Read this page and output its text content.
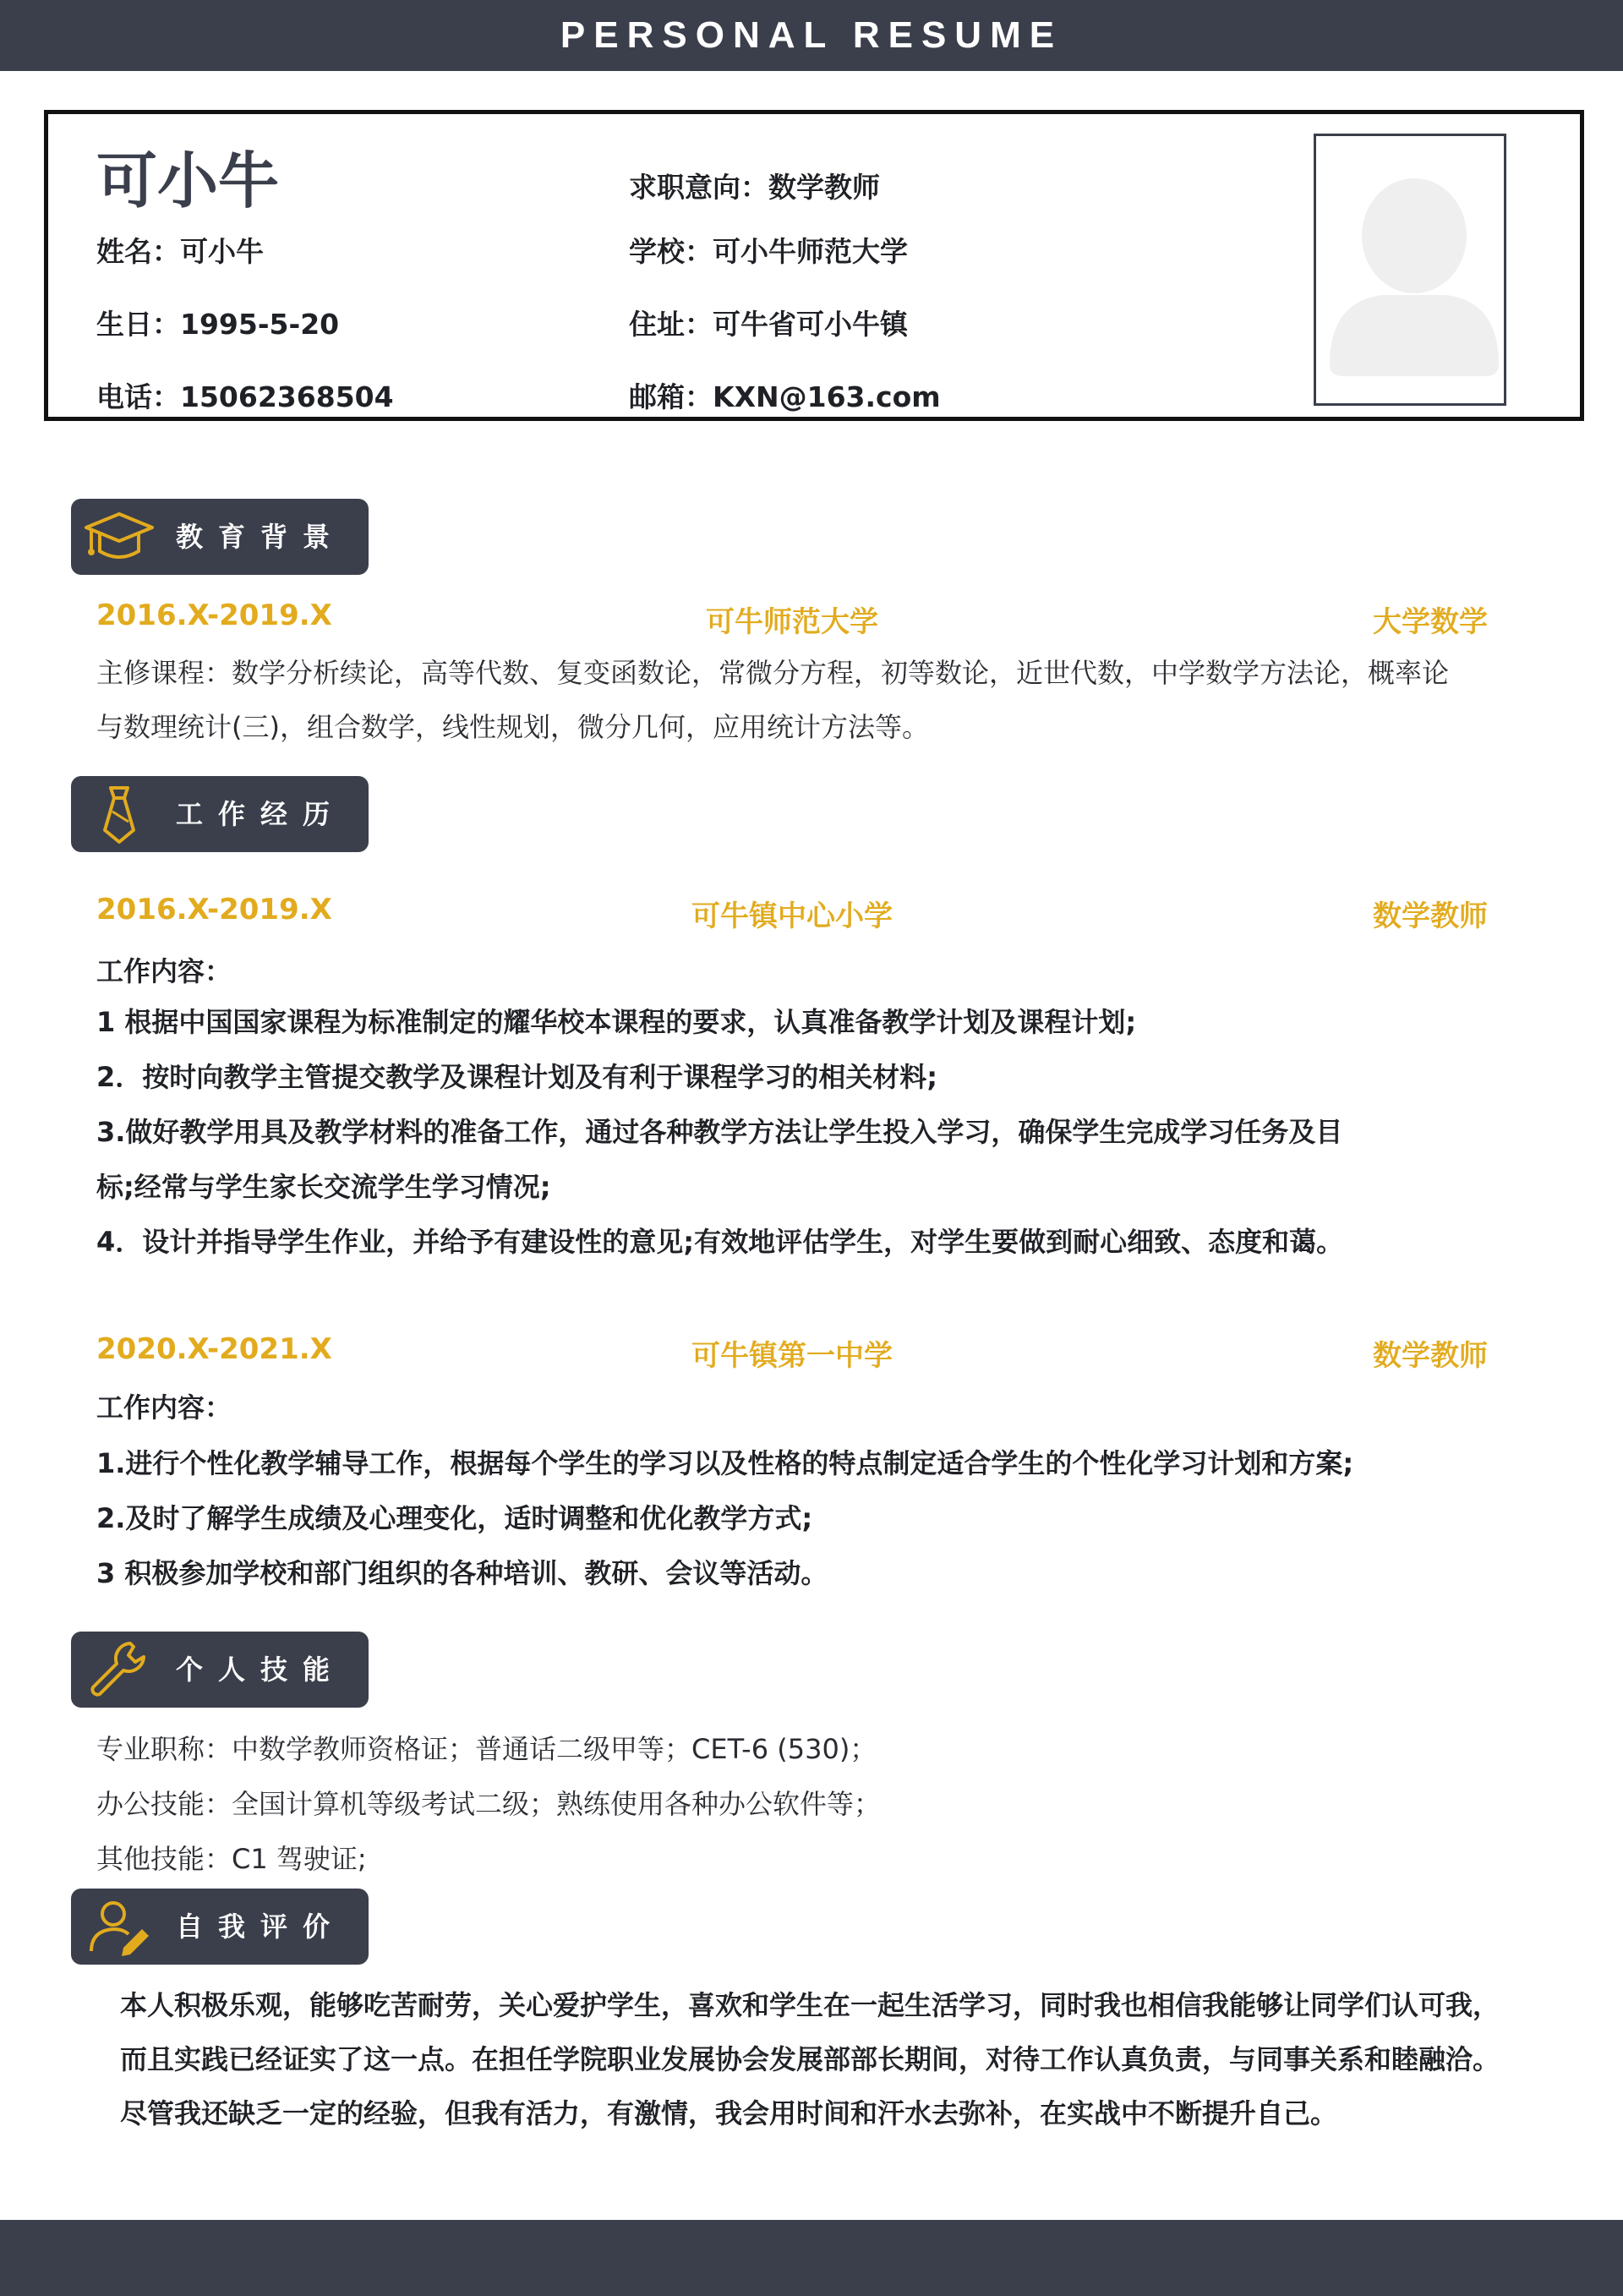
PERSONAL RESUME
可小牛
姓名：可小牛
生日：1995-5-20
电话：15062368504
求职意向：数学教师
学校：可小牛师范大学
住址：可牛省可小牛镇
邮箱：KXN@163.com
教育背景
2016.X-2019.X	可牛师范大学	大学数学
主修课程：数学分析续论，高等代数、复变函数论，常微分方程，初等数论，近世代数，中学数学方法论，概率论
与数理统计(三)，组合数学，线性规划，微分几何，应用统计方法等。
工作经历
2016.X-2019.X	可牛镇中心小学	数学教师
工作内容：
1 根据中国国家课程为标准制定的耀华校本课程的要求，认真准备教学计划及课程计划;
2．按时向教学主管提交教学及课程计划及有利于课程学习的相关材料;
3.做好教学用具及教学材料的准备工作，通过各种教学方法让学生投入学习，确保学生完成学习任务及目
标;经常与学生家长交流学生学习情况;
4．设计并指导学生作业，并给予有建设性的意见;有效地评估学生，对学生要做到耐心细致、态度和蔼。
2020.X-2021.X	可牛镇第一中学	数学教师
工作内容：
1.进行个性化教学辅导工作，根据每个学生的学习以及性格的特点制定适合学生的个性化学习计划和方案;
2.及时了解学生成绩及心理变化，适时调整和优化教学方式;
3 积极参加学校和部门组织的各种培训、教研、会议等活动。
个人技能
专业职称：中数学教师资格证；普通话二级甲等；CET-6 (530)；
办公技能：全国计算机等级考试二级；熟练使用各种办公软件等；
其他技能：C1 驾驶证;
自我评价
本人积极乐观，能够吃苦耐劳，关心爱护学生，喜欢和学生在一起生活学习，同时我也相信我能够让同学们认可我，
而且实践已经证实了这一点。在担任学院职业发展协会发展部部长期间，对待工作认真负责，与同事关系和睦融洽。
尽管我还缺乏一定的经验，但我有活力，有激情，我会用时间和汗水去弥补，在实战中不断提升自己。
